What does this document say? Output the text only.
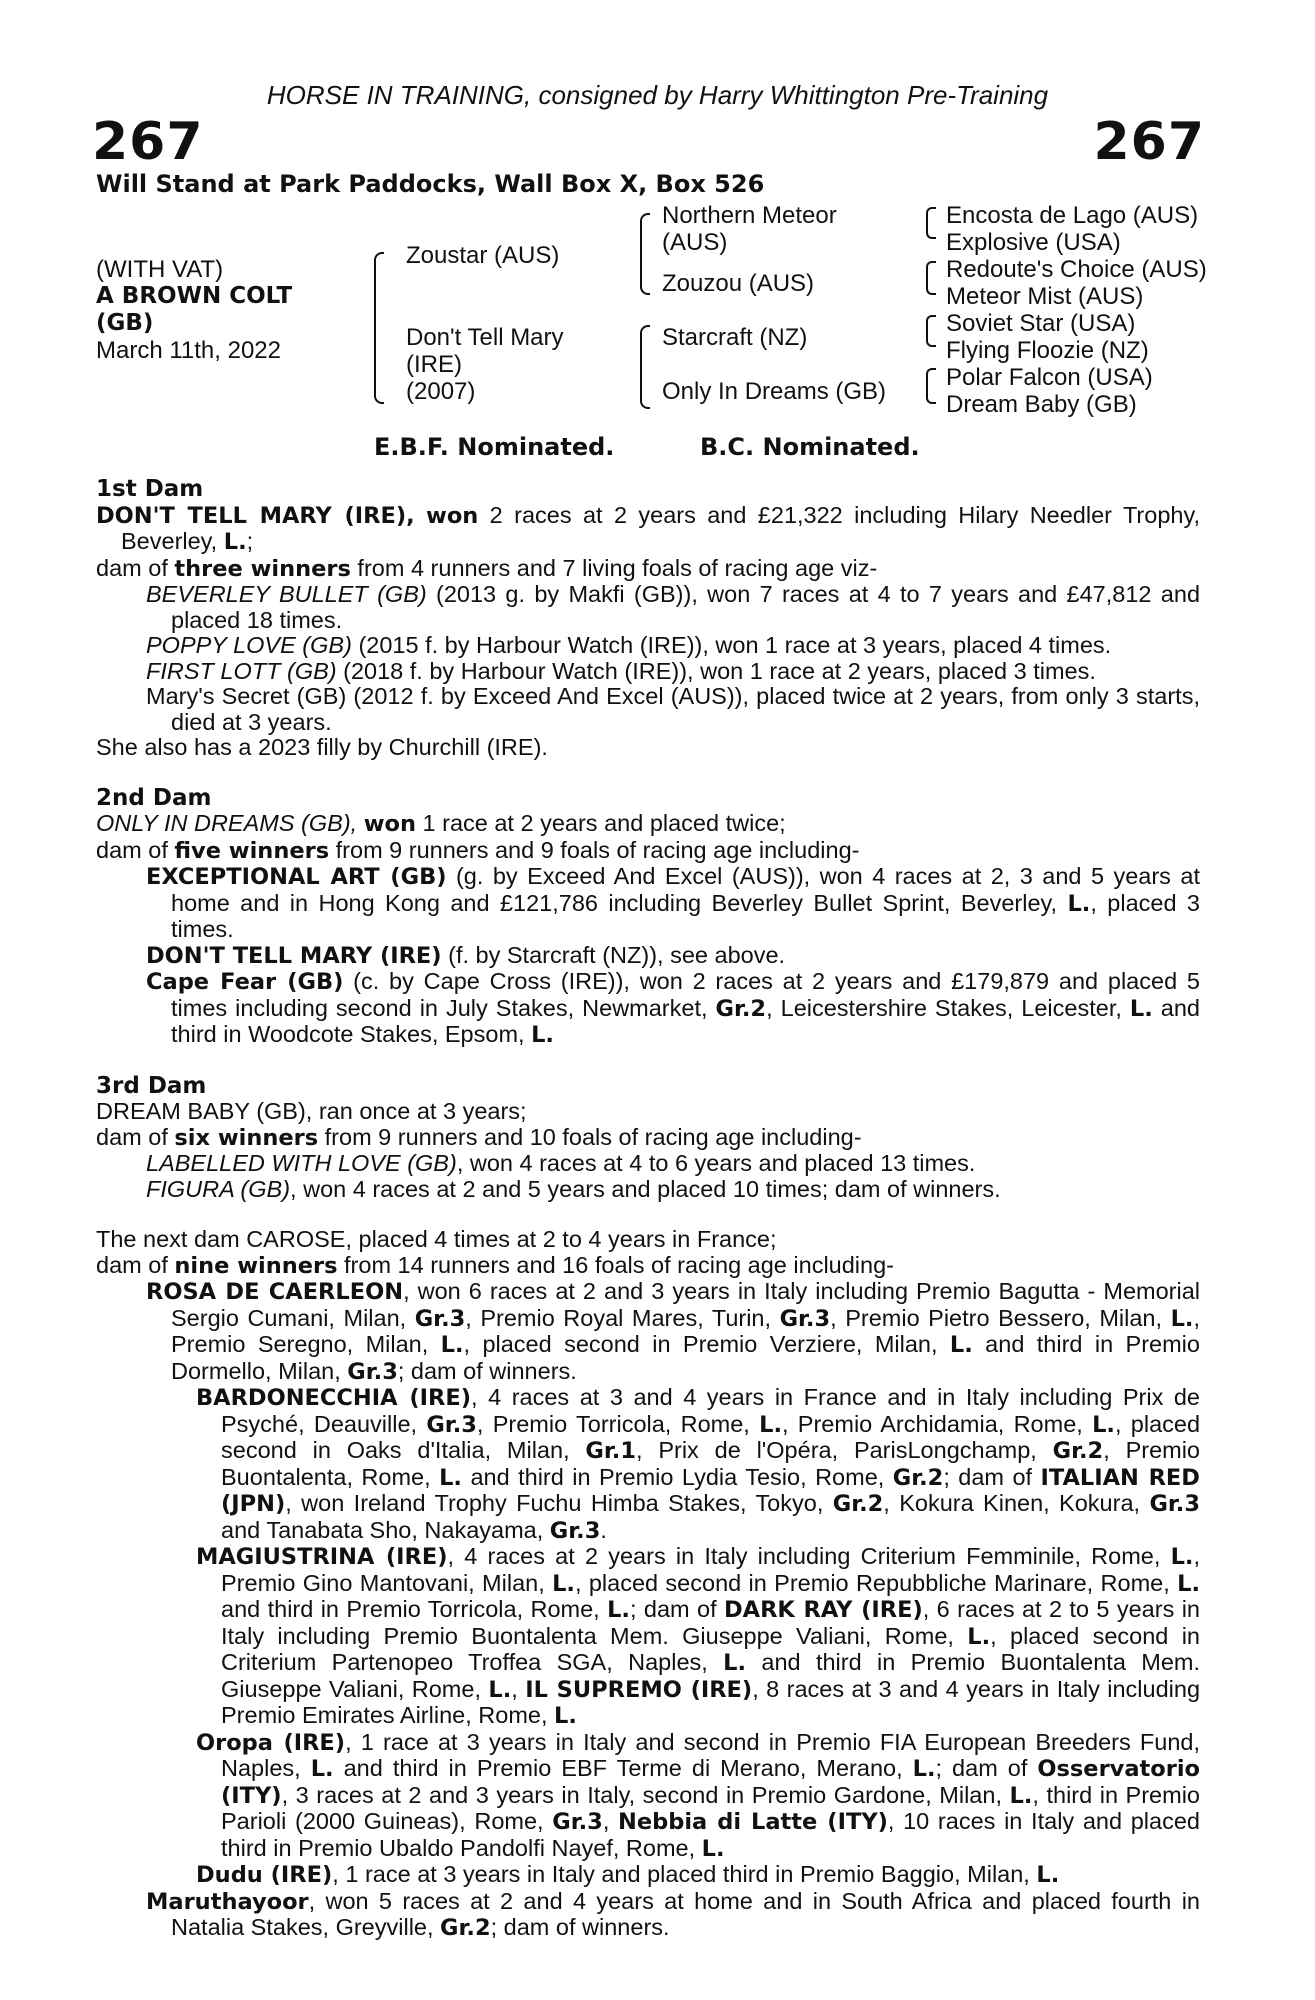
HORSE IN TRAINING, consigned by Harry Whittington Pre-Training
267	267
Will Stand at Park Paddocks, Wall Box X, Box 526
(WITH VAT)
A BROWN COLT
(GB)
March 11th, 2022
Zoustar (AUS)
Don't Tell Mary
(IRE)
(2007)
Northern Meteor
(AUS)
Zouzou (AUS)
Starcraft (NZ)
Only In Dreams (GB)
Encosta de Lago (AUS)
Explosive (USA)
Redoute's Choice (AUS)
Meteor Mist (AUS)
Soviet Star (USA)
Flying Floozie (NZ)
Polar Falcon (USA)
Dream Baby (GB)
E.B.F. Nominated.	B.C. Nominated.
1st Dam

DON'T TELL MARY (IRE), won 2 races at 2 years and £21,322 including Hilary Needler Trophy, Beverley, L.;

dam of three winners from 4 runners and 7 living foals of racing age viz-

BEVERLEY BULLET (GB) (2013 g. by Makfi (GB)), won 7 races at 4 to 7 years and £47,812 and placed 18 times.

POPPY LOVE (GB) (2015 f. by Harbour Watch (IRE)), won 1 race at 3 years, placed 4 times.

FIRST LOTT (GB) (2018 f. by Harbour Watch (IRE)), won 1 race at 2 years, placed 3 times.

Mary's Secret (GB) (2012 f. by Exceed And Excel (AUS)), placed twice at 2 years, from only 3 starts, died at 3 years.

She also has a 2023 filly by Churchill (IRE).

2nd Dam

ONLY IN DREAMS (GB), won 1 race at 2 years and placed twice;

dam of five winners from 9 runners and 9 foals of racing age including-

EXCEPTIONAL ART (GB) (g. by Exceed And Excel (AUS)), won 4 races at 2, 3 and 5 years at home and in Hong Kong and £121,786 including Beverley Bullet Sprint, Beverley, L., placed 3 times.

DON'T TELL MARY (IRE) (f. by Starcraft (NZ)), see above.

Cape Fear (GB) (c. by Cape Cross (IRE)), won 2 races at 2 years and £179,879 and placed 5 times including second in July Stakes, Newmarket, Gr.2, Leicestershire Stakes, Leicester, L. and third in Woodcote Stakes, Epsom, L.

3rd Dam

DREAM BABY (GB), ran once at 3 years;

dam of six winners from 9 runners and 10 foals of racing age including-

LABELLED WITH LOVE (GB), won 4 races at 4 to 6 years and placed 13 times.

FIGURA (GB), won 4 races at 2 and 5 years and placed 10 times; dam of winners.

The next dam CAROSE, placed 4 times at 2 to 4 years in France;

dam of nine winners from 14 runners and 16 foals of racing age including-

ROSA DE CAERLEON, won 6 races at 2 and 3 years in Italy including Premio Bagutta - Memorial Sergio Cumani, Milan, Gr.3, Premio Royal Mares, Turin, Gr.3, Premio Pietro Bessero, Milan, L., Premio Seregno, Milan, L., placed second in Premio Verziere, Milan, L. and third in Premio Dormello, Milan, Gr.3; dam of winners.

BARDONECCHIA (IRE), 4 races at 3 and 4 years in France and in Italy including Prix de Psyché, Deauville, Gr.3, Premio Torricola, Rome, L., Premio Archidamia, Rome, L., placed second in Oaks d'Italia, Milan, Gr.1, Prix de l'Opéra, ParisLongchamp, Gr.2, Premio Buontalenta, Rome, L. and third in Premio Lydia Tesio, Rome, Gr.2; dam of ITALIAN RED (JPN), won Ireland Trophy Fuchu Himba Stakes, Tokyo, Gr.2, Kokura Kinen, Kokura, Gr.3 and Tanabata Sho, Nakayama, Gr.3.

MAGIUSTRINA (IRE), 4 races at 2 years in Italy including Criterium Femminile, Rome, L., Premio Gino Mantovani, Milan, L., placed second in Premio Repubbliche Marinare, Rome, L. and third in Premio Torricola, Rome, L.; dam of DARK RAY (IRE), 6 races at 2 to 5 years in Italy including Premio Buontalenta Mem. Giuseppe Valiani, Rome, L., placed second in Criterium Partenopeo Troffea SGA, Naples, L. and third in Premio Buontalenta Mem. Giuseppe Valiani, Rome, L., IL SUPREMO (IRE), 8 races at 3 and 4 years in Italy including Premio Emirates Airline, Rome, L.

Oropa (IRE), 1 race at 3 years in Italy and second in Premio FIA European Breeders Fund, Naples, L. and third in Premio EBF Terme di Merano, Merano, L.; dam of Osservatorio (ITY), 3 races at 2 and 3 years in Italy, second in Premio Gardone, Milan, L., third in Premio Parioli (2000 Guineas), Rome, Gr.3, Nebbia di Latte (ITY), 10 races in Italy and placed third in Premio Ubaldo Pandolfi Nayef, Rome, L.

Dudu (IRE), 1 race at 3 years in Italy and placed third in Premio Baggio, Milan, L.

Maruthayoor, won 5 races at 2 and 4 years at home and in South Africa and placed fourth in Natalia Stakes, Greyville, Gr.2; dam of winners.
